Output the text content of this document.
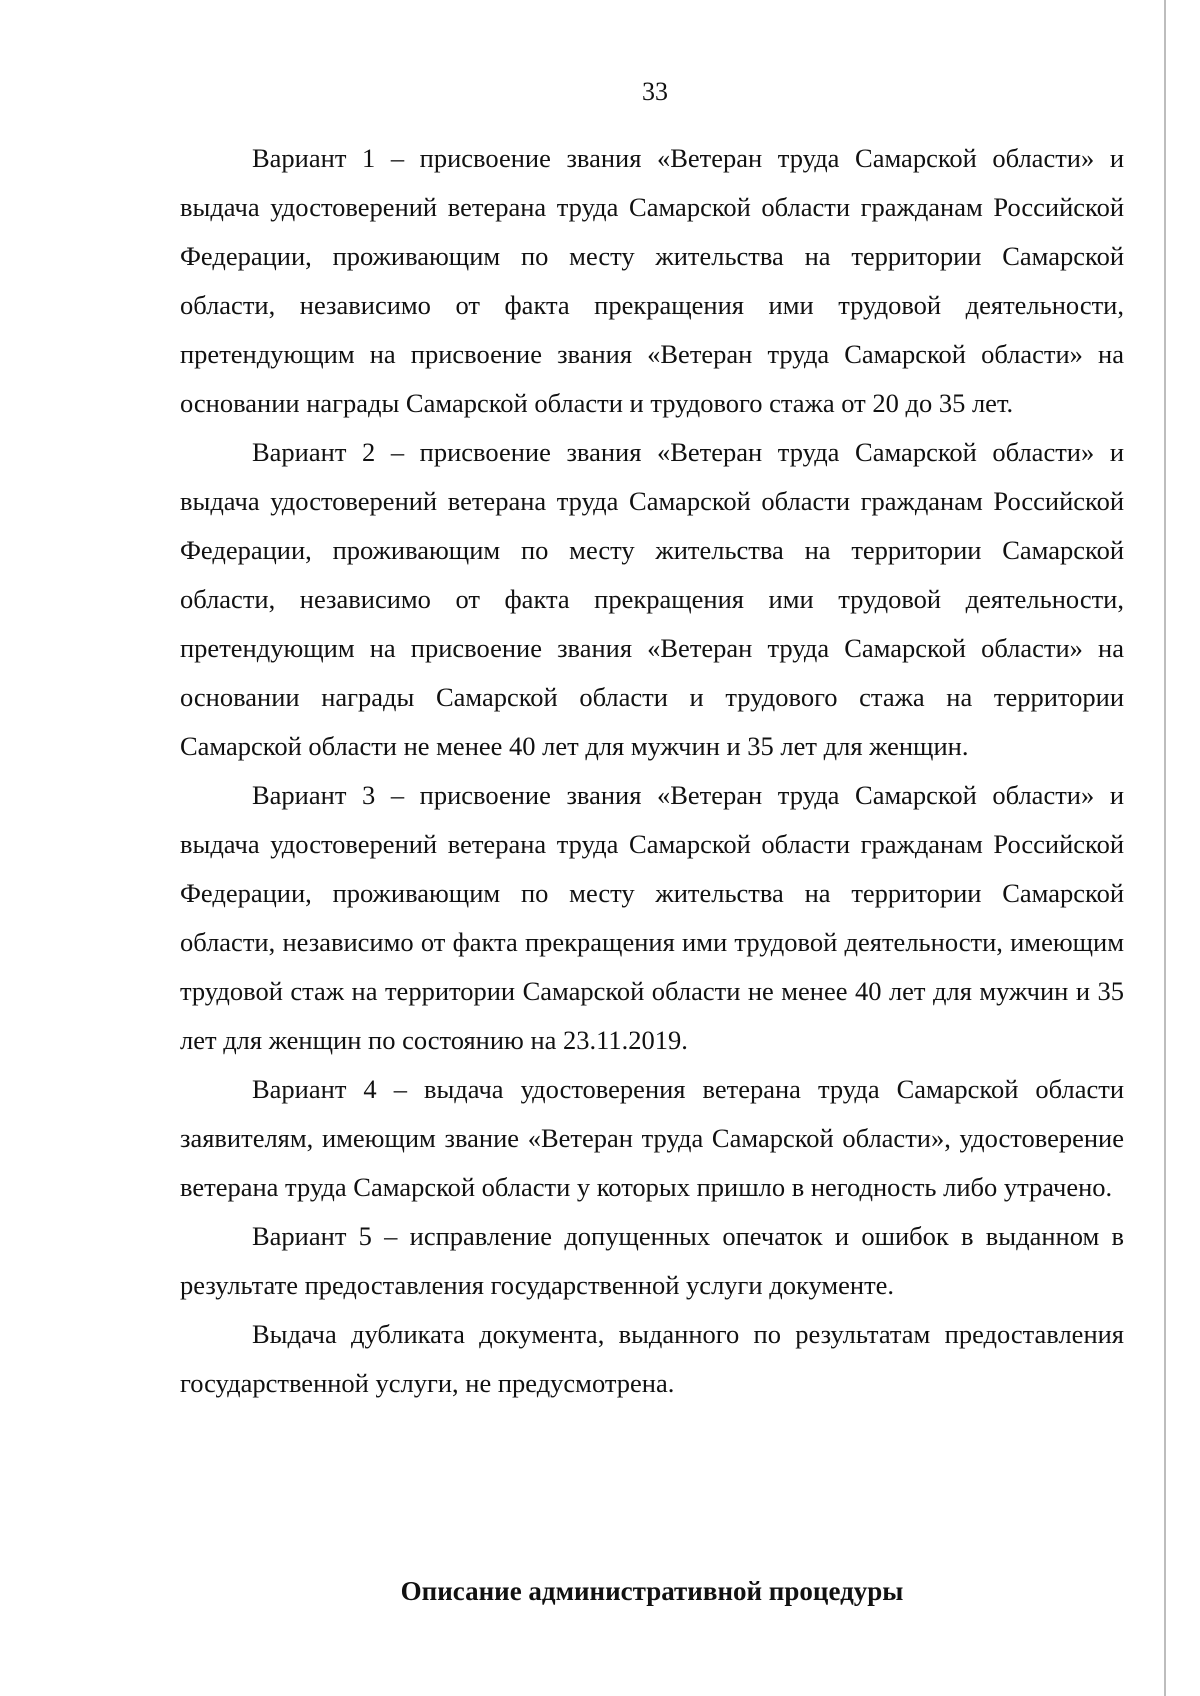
33

Вариант 1 – присвоение звания «Ветеран труда Самарской области» и выдача удостоверений ветерана труда Самарской области гражданам Российской Федерации, проживающим по месту жительства на территории Самарской области, независимо от факта прекращения ими трудовой деятельности, претендующим на присвоение звания «Ветеран труда Самарской области» на основании награды Самарской области и трудового стажа от 20 до 35 лет.

Вариант 2 – присвоение звания «Ветеран труда Самарской области» и выдача удостоверений ветерана труда Самарской области гражданам Российской Федерации, проживающим по месту жительства на территории Самарской области, независимо от факта прекращения ими трудовой деятельности, претендующим на присвоение звания «Ветеран труда Самарской области» на основании награды Самарской области и трудового стажа на территории Самарской области не менее 40 лет для мужчин и 35 лет для женщин.

Вариант 3 – присвоение звания «Ветеран труда Самарской области» и выдача удостоверений ветерана труда Самарской области гражданам Российской Федерации, проживающим по месту жительства на территории Самарской области, независимо от факта прекращения ими трудовой деятельности, имеющим трудовой стаж на территории Самарской области не менее 40 лет для мужчин и 35 лет для женщин по состоянию на 23.11.2019.

Вариант 4 – выдача удостоверения ветерана труда Самарской области заявителям, имеющим звание «Ветеран труда Самарской области», удостоверение ветерана труда Самарской области у которых пришло в негодность либо утрачено.

Вариант 5 – исправление допущенных опечаток и ошибок в выданном в результате предоставления государственной услуги документе.

Выдача дубликата документа, выданного по результатам предоставления государственной услуги, не предусмотрена.

Описание административной процедуры
